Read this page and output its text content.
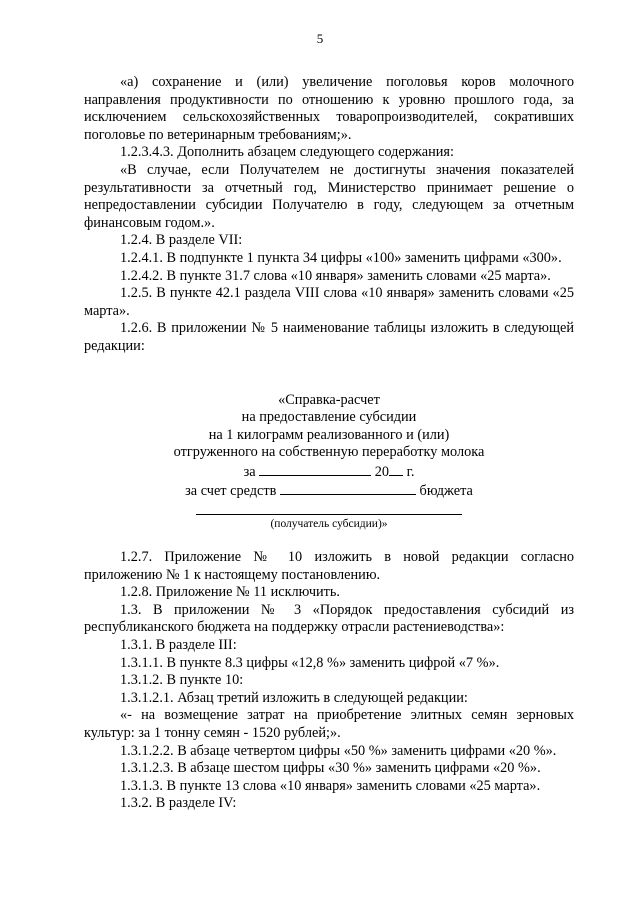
5

«а) сохранение и (или) увеличение поголовья коров молочного направления продуктивности по отношению к уровню прошлого года, за исключением сельскохозяйственных товаропроизводителей, сокративших поголовье по ветеринарным требованиям;».

1.2.3.4.3. Дополнить абзацем следующего содержания:

«В случае, если Получателем не достигнуты значения показателей результативности за отчетный год, Министерство принимает решение о непредоставлении субсидии Получателю в году, следующем за отчетным финансовым годом.».

1.2.4. В разделе VII:

1.2.4.1. В подпункте 1 пункта 34 цифры «100» заменить цифрами «300».

1.2.4.2. В пункте 31.7 слова «10 января» заменить словами «25 марта».

1.2.5. В пункте 42.1 раздела VIII слова «10 января» заменить словами «25 марта».

1.2.6. В приложении № 5 наименование таблицы изложить в следующей редакции:

«Справка-расчет

на предоставление субсидии

на 1 килограмм реализованного и (или)

отгруженного на собственную переработку молока

за	20 г.

за счет средств	бюджета

(получатель субсидии)»

1.2.7. Приложение № 10 изложить в новой редакции согласно приложению № 1 к настоящему постановлению.

1.2.8. Приложение № 11 исключить.

1.3. В приложении № 3 «Порядок предоставления субсидий из республиканского бюджета на поддержку отрасли растениеводства»:

1.3.1. В разделе III:

1.3.1.1. В пункте 8.3 цифры «12,8 %» заменить цифрой «7 %».

1.3.1.2. В пункте 10:

1.3.1.2.1. Абзац третий изложить в следующей редакции:

«- на возмещение затрат на приобретение элитных семян зерновых культур: за 1 тонну семян - 1520 рублей;».

1.3.1.2.2. В абзаце четвертом цифры «50 %» заменить цифрами «20 %».

1.3.1.2.3. В абзаце шестом цифры «30 %» заменить цифрами «20 %».

1.3.1.3. В пункте 13 слова «10 января» заменить словами «25 марта».

1.3.2. В разделе IV:
